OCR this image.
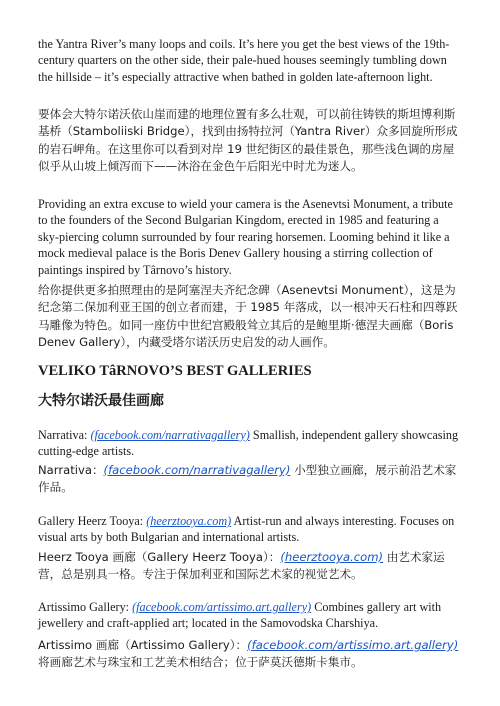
the Yantra River’s many loops and coils. It’s here you get the best views of the 19th-century quarters on the other side, their pale-hued houses seemingly tumbling down the hillside – it’s especially attractive when bathed in golden late-afternoon light.

要体会大特尔诺沃依山崖而建的地理位置有多么壮观，可以前往铸铁的斯坦博利斯基桥（Stamboliiski Bridge），找到由扬特拉河（Yantra River）众多回旋所形成的岩石岬角。在这里你可以看到对岸 19 世纪街区的最佳景色，那些浅色调的房屋似乎从山坡上倾泻而下——沐浴在金色午后阳光中时尤为迷人。

Providing an extra excuse to wield your camera is the Asenevtsi Monument, a tribute to the founders of the Second Bulgarian Kingdom, erected in 1985 and featuring a sky-piercing column surrounded by four rearing horsemen. Looming behind it like a mock medieval palace is the Boris Denev Gallery housing a stirring collection of paintings inspired by Târnovo’s history.

给你提供更多拍照理由的是阿塞涅夫齐纪念碑（Asenevtsi Monument），这是为纪念第二保加利亚王国的创立者而建，于 1985 年落成，以一根冲天石柱和四尊跃马雕像为特色。如同一座仿中世纪宫殿般耸立其后的是鲍里斯·德涅夫画廊（Boris Denev Gallery），内藏受塔尔诺沃历史启发的动人画作。

VELIKO TâRNOVO’S BEST GALLERIES
大特尔诺沃最佳画廊

Narrativa: (facebook.com/narrativagallery) Smallish, independent gallery showcasing cutting-edge artists.

Narrativa：(facebook.com/narrativagallery) 小型独立画廊，展示前沿艺术家作品。

Gallery Heerz Tooya: (heerztooya.com) Artist-run and always interesting. Focuses on visual arts by both Bulgarian and international artists.

Heerz Tooya 画廊（Gallery Heerz Tooya）：(heerztooya.com) 由艺术家运营，总是别具一格。专注于保加利亚和国际艺术家的视觉艺术。

Artissimo Gallery: (facebook.com/artissimo.art.gallery) Combines gallery art with jewellery and craft-applied art; located in the Samovodska Charshiya.

Artissimo 画廊（Artissimo Gallery）：(facebook.com/artissimo.art.gallery) 将画廊艺术与珠宝和工艺美术相结合；位于萨莫沃德斯卡集市。
